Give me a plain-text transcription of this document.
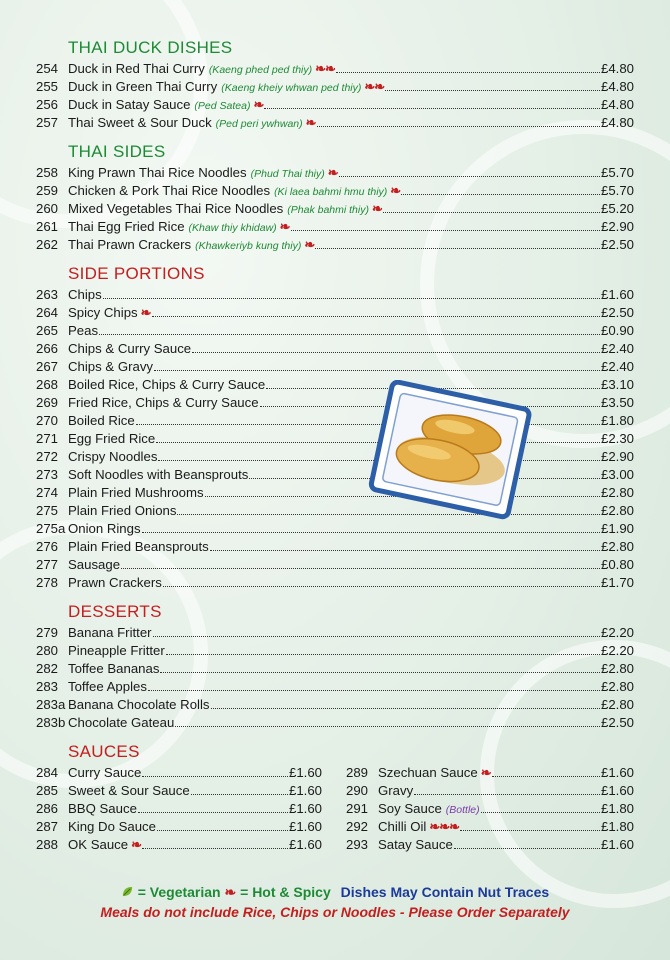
THAI DUCK DISHES
254 Duck in Red Thai Curry (Kaeng phed ped thiy) ❧❧	£4.80
255 Duck in Green Thai Curry (Kaeng kheiy whwan ped thiy) ❧❧	£4.80
256 Duck in Satay Sauce (Ped Satea) ❧	£4.80
257 Thai Sweet & Sour Duck (Ped peri ywhwan) ❧	£4.80
THAI SIDES
258 King Prawn Thai Rice Noodles (Phud Thai thiy) ❧	£5.70
259 Chicken & Pork Thai Rice Noodles (Ki laea bahmi hmu thiy) ❧	£5.70
260 Mixed Vegetables Thai Rice Noodles (Phak bahmi thiy) ❧	£5.20
261 Thai Egg Fried Rice (Khaw thiy khidaw) ❧	£2.90
262 Thai Prawn Crackers (Khawkeriyb kung thiy) ❧	£2.50
SIDE PORTIONS
263 Chips	£1.60
264 Spicy Chips ❧	£2.50
265 Peas	£0.90
266 Chips & Curry Sauce	£2.40
267 Chips & Gravy	£2.40
268 Boiled Rice, Chips & Curry Sauce	£3.10
269 Fried Rice, Chips & Curry Sauce	£3.50
270 Boiled Rice	£1.80
271 Egg Fried Rice	£2.30
272 Crispy Noodles	£2.90
273 Soft Noodles with Beansprouts	£3.00
274 Plain Fried Mushrooms	£2.80
275 Plain Fried Onions	£2.80
275a Onion Rings	£1.90
276 Plain Fried Beansprouts	£2.80
277 Sausage	£0.80
278 Prawn Crackers	£1.70
DESSERTS
279 Banana Fritter	£2.20
280 Pineapple Fritter	£2.20
282 Toffee Bananas	£2.80
283 Toffee Apples	£2.80
283a Banana Chocolate Rolls	£2.80
283b Chocolate Gateau	£2.50
SAUCES
284 Curry Sauce	£1.60
285 Sweet & Sour Sauce	£1.60
286 BBQ Sauce	£1.60
287 King Do Sauce	£1.60
288 OK Sauce ❧	£1.60
289 Szechuan Sauce ❧	£1.60
290 Gravy	£1.60
291 Soy Sauce (Bottle)	£1.80
292 Chilli Oil ❧❧❧	£1.80
293 Satay Sauce	£1.60
= Vegetarian ❧ = Hot & Spicy Dishes May Contain Nut Traces
Meals do not include Rice, Chips or Noodles - Please Order Separately
